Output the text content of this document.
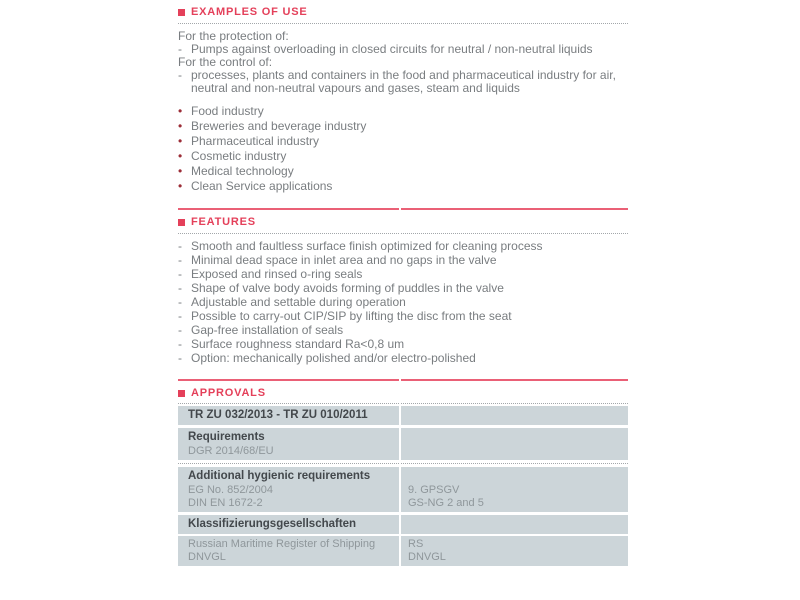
EXAMPLES OF USE
For the protection of:
- Pumps against overloading in closed circuits for neutral / non-neutral liquids
For the control of:
- processes, plants and containers in the food and pharmaceutical industry for air, neutral and non-neutral vapours and gases, steam and liquids
• Food industry
• Breweries and beverage industry
• Pharmaceutical industry
• Cosmetic industry
• Medical technology
• Clean Service applications
FEATURES
- Smooth and faultless surface finish optimized for cleaning process
- Minimal dead space in inlet area and no gaps in the valve
- Exposed and rinsed o-ring seals
- Shape of valve body avoids forming of puddles in the valve
- Adjustable and settable during operation
- Possible to carry-out CIP/SIP by lifting the disc from the seat
- Gap-free installation of seals
- Surface roughness standard Ra<0,8 um
- Option: mechanically polished and/or electro-polished
APPROVALS
TR ZU 032/2013 - TR ZU 010/2011
Requirements
DGR 2014/68/EU
Additional hygienic requirements
EG No. 852/2004
DIN EN 1672-2
9. GPSGV
GS-NG 2 and 5
Klassifizierungsgesellschaften
Russian Maritime Register of Shipping
DNVGL
RS
DNVGL
